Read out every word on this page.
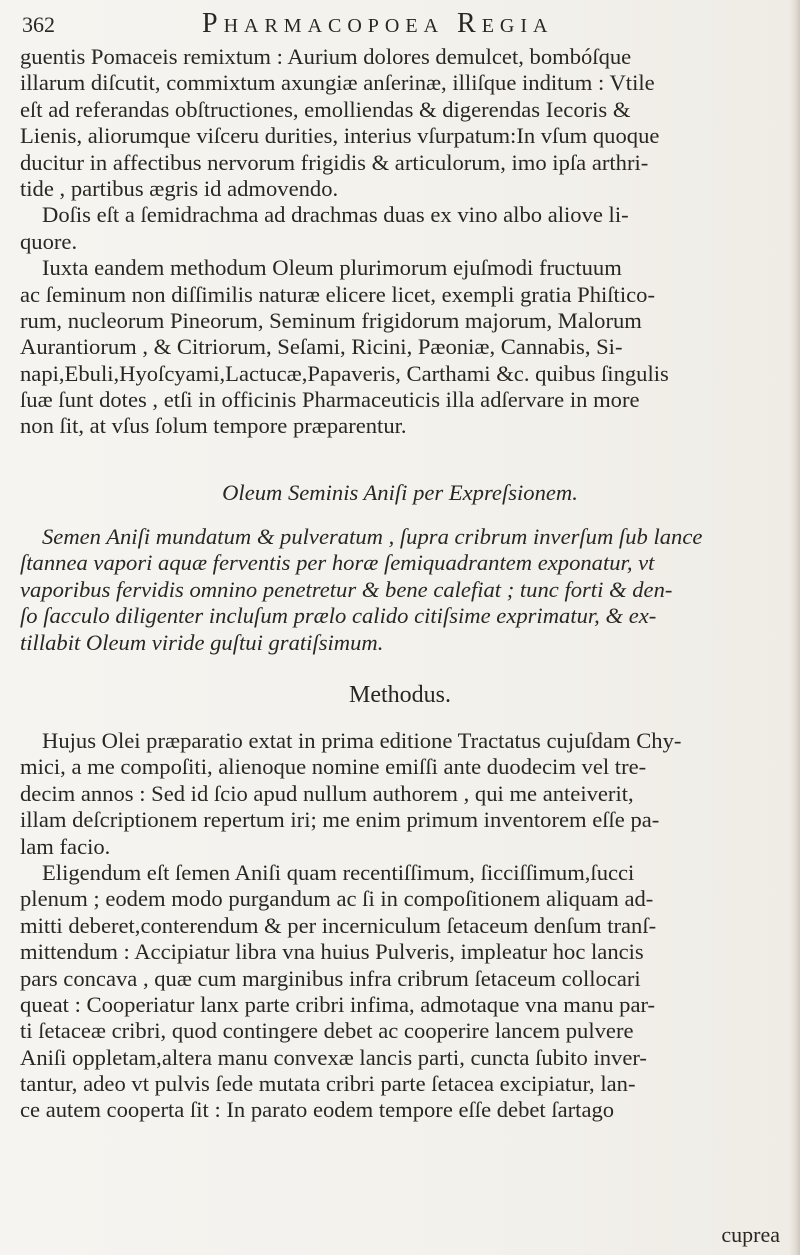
362	Pharmacopoea Regia
guentis Pomaceis remixtum : Aurium dolores demulcet, bombóſque
illarum diſcutit, commixtum axungiæ anſerinæ, illiſque inditum : Vtile
eſt ad referandas obſtructiones, emolliendas & digerendas Iecoris &
Lienis, aliorumque viſceru durities, interius vſurpatum:In vſum quoque
ducitur in affectibus nervorum frigidis & articulorum, imo ipſa arthri-
tide , partibus ægris id admovendo.
Doſis eſt a ſemidrachma ad drachmas duas ex vino albo aliove li-
quore.
Iuxta eandem methodum Oleum plurimorum ejuſmodi fructuum
ac ſeminum non diſſimilis naturæ elicere licet, exempli gratia Phiſtico-
rum, nucleorum Pineorum, Seminum frigidorum majorum, Malorum
Aurantiorum , & Citriorum, Seſami, Ricini, Pæoniæ, Cannabis, Si-
napi,Ebuli,Hyoſcyami,Lactucæ,Papaveris, Carthami &c. quibus ſingulis
ſuæ ſunt dotes , etſi in officinis Pharmaceuticis illa adſervare in more
non ſit, at vſus ſolum tempore præparentur.
Oleum Seminis Aniſi per Expreſsionem.
Semen Aniſi mundatum & pulveratum , ſupra cribrum inverſum ſub lance
ſtannea vapori aquæ ferventis per horæ ſemiquadrantem exponatur, vt
vaporibus fervidis omnino penetretur & bene calefiat ; tunc forti & den-
ſo ſacculo diligenter incluſum prælo calido citiſsime exprimatur, & ex-
tillabit Oleum viride guſtui gratiſsimum.
Methodus.
Hujus Olei præparatio extat in prima editione Tractatus cujuſdam Chy-
mici, a me compoſiti, alienoque nomine emiſſi ante duodecim vel tre-
decim annos : Sed id ſcio apud nullum authorem , qui me anteiverit,
illam deſcriptionem repertum iri; me enim primum inventorem eſſe pa-
lam facio.
Eligendum eſt ſemen Aniſi quam recentiſſimum, ſicciſſimum,ſucci
plenum ; eodem modo purgandum ac ſi in compoſitionem aliquam ad-
mitti deberet,conterendum & per incerniculum ſetaceum denſum tranſ-
mittendum : Accipiatur libra vna huius Pulveris, impleatur hoc lancis
pars concava , quæ cum marginibus infra cribrum ſetaceum collocari
queat : Cooperiatur lanx parte cribri infima, admotaque vna manu par-
ti ſetaceæ cribri, quod contingere debet ac cooperire lancem pulvere
Aniſi oppletam,altera manu convexæ lancis parti, cuncta ſubito inver-
tantur, adeo vt pulvis ſede mutata cribri parte ſetacea excipiatur, lan-
ce autem cooperta ſit : In parato eodem tempore eſſe debet ſartago
cuprea
